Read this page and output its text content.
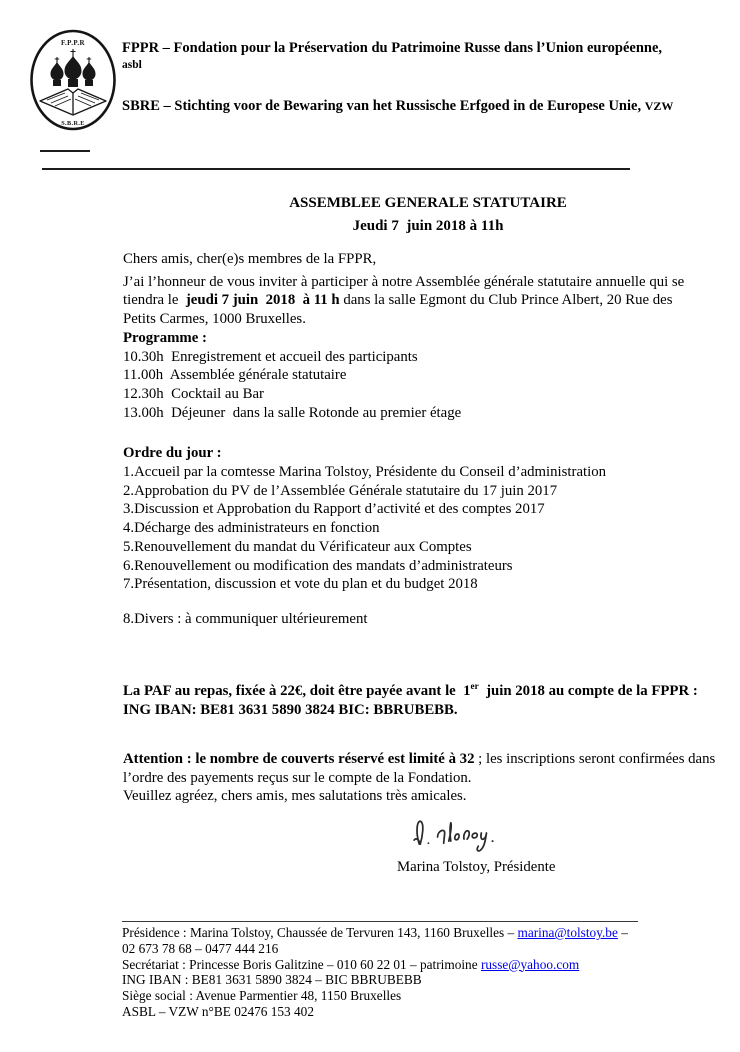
F.P.P.R
S.B.R.E
FPPR – Fondation pour la Préservation du Patrimoine Russe dans l’Union européenne,
asbl
SBRE – Stichting voor de Bewaring van het Russische Erfgoed in de Europese Unie, VZW
ASSEMBLEE GENERALE STATUTAIRE
Jeudi 7  juin 2018 à 11h
Chers amis, cher(e)s membres de la FPPR,

J’ai l’honneur de vous inviter à participer à notre Assemblée générale statutaire annuelle qui se tiendra le  jeudi 7 juin  2018  à 11 h dans la salle Egmont du Club Prince Albert, 20 Rue des Petits Carmes, 1000 Bruxelles.

Programme :
10.30h  Enregistrement et accueil des participants
11.00h  Assemblée générale statutaire
12.30h  Cocktail au Bar
13.00h  Déjeuner  dans la salle Rotonde au premier étage
Ordre du jour :
1.Accueil par la comtesse Marina Tolstoy, Présidente du Conseil d’administration
2.Approbation du PV de l’Assemblée Générale statutaire du 17 juin 2017
3.Discussion et Approbation du Rapport d’activité et des comptes 2017
4.Décharge des administrateurs en fonction
5.Renouvellement du mandat du Vérificateur aux Comptes
6.Renouvellement ou modification des mandats d’administrateurs
7.Présentation, discussion et vote du plan et du budget 2018
8.Divers : à communiquer ultérieurement
La PAF au repas, fixée à 22€, doit être payée avant le  1er  juin 2018 au compte de la FPPR :   ING IBAN: BE81 3631 5890 3824 BIC: BBRUBEBB.

Attention : le nombre de couverts réservé est limité à 32 ; les inscriptions seront confirmées dans l’ordre des payements reçus sur le compte de la Fondation.

Veuillez agréez, chers amis, mes salutations très amicales.

Marina Tolstoy, Présidente
Présidence : Marina Tolstoy, Chaussée de Tervuren 143, 1160 Bruxelles – marina@tolstoy.be –
02 673 78 68 – 0477 444 216
Secrétariat : Princesse Boris Galitzine – 010 60 22 01 – patrimoine russe@yahoo.com
ING IBAN : BE81 3631 5890 3824 – BIC BBRUBEBB
Siège social : Avenue Parmentier 48, 1150 Bruxelles
ASBL – VZW n°BE 02476 153 402
